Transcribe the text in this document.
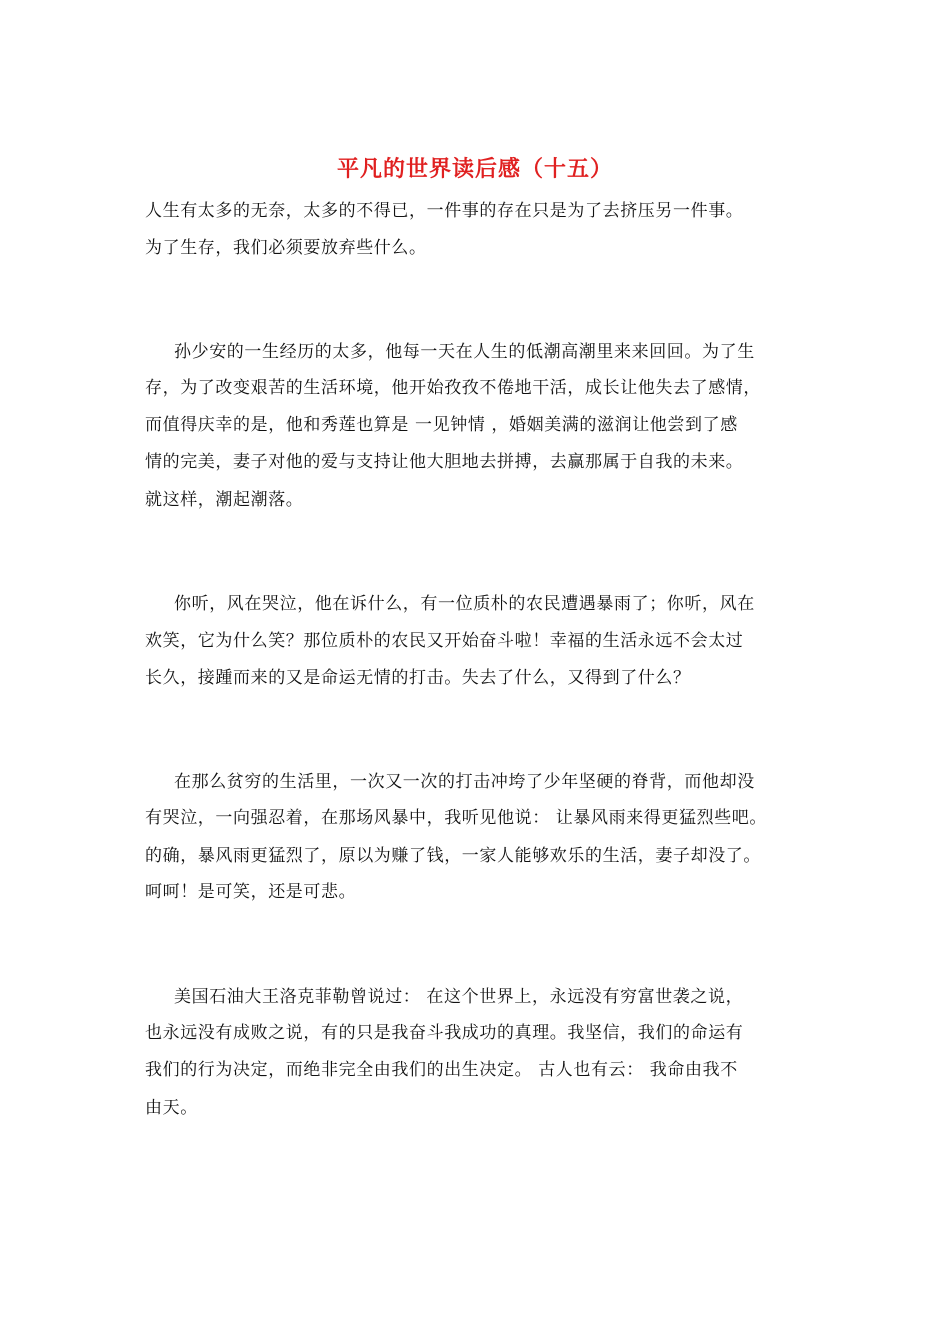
平凡的世界读后感（十五）
人生有太多的无奈，太多的不得已，一件事的存在只是为了去挤压另一件事。
为了生存，我们必须要放弃些什么。
孙少安的一生经历的太多，他每一天在人生的低潮高潮里来来回回。为了生
存，为了改变艰苦的生活环境，他开始孜孜不倦地干活，成长让他失去了感情，
而值得庆幸的是，他和秀莲也算是 一见钟情 ，婚姻美满的滋润让他尝到了感
情的完美，妻子对他的爱与支持让他大胆地去拼搏，去赢那属于自我的未来。
就这样，潮起潮落。
你听，风在哭泣，他在诉什么，有一位质朴的农民遭遇暴雨了；你听，风在
欢笑，它为什么笑？那位质朴的农民又开始奋斗啦！幸福的生活永远不会太过
长久，接踵而来的又是命运无情的打击。失去了什么，又得到了什么？
在那么贫穷的生活里，一次又一次的打击冲垮了少年坚硬的脊背，而他却没
有哭泣，一向强忍着，在那场风暴中，我听见他说： 让暴风雨来得更猛烈些吧。
的确，暴风雨更猛烈了，原以为赚了钱，一家人能够欢乐的生活，妻子却没了。
呵呵！是可笑，还是可悲。
美国石油大王洛克菲勒曾说过： 在这个世界上，永远没有穷富世袭之说，
也永远没有成败之说，有的只是我奋斗我成功的真理。我坚信，我们的命运有
我们的行为决定，而绝非完全由我们的出生决定。 古人也有云： 我命由我不
由天。
